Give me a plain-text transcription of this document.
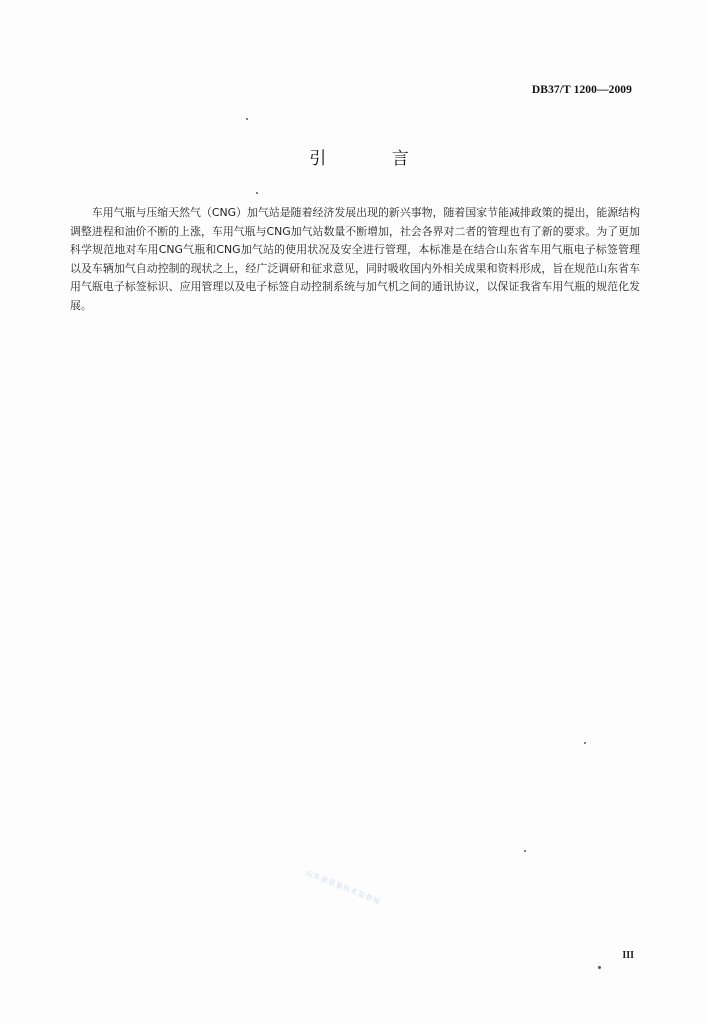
DB37/T 1200—2009
引 言

车用气瓶与压缩天然气（CNG）加气站是随着经济发展出现的新兴事物，随着国家节能减排政策的提出，能源结构调整进程和油价不断的上涨，车用气瓶与CNG加气站数量不断增加，社会各界对二者的管理也有了新的要求。为了更加科学规范地对车用CNG气瓶和CNG加气站的使用状况及安全进行管理，本标准是在结合山东省车用气瓶电子标签管理以及车辆加气自动控制的现状之上，经广泛调研和征求意见，同时吸收国内外相关成果和资料形成，旨在规范山东省车用气瓶电子标签标识、应用管理以及电子标签自动控制系统与加气机之间的通讯协议，以保证我省车用气瓶的规范化发展。

山东省质量技术监督局
III
